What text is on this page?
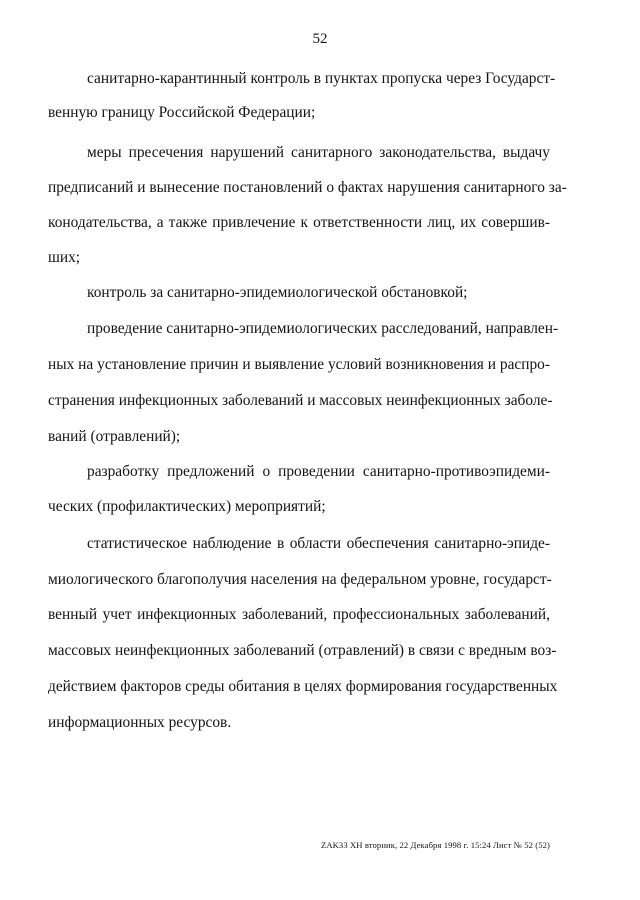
52
санитарно-карантинный контроль в пунктах пропуска через Государст-
венную границу Российской Федерации;
меры пресечения нарушений санитарного законодательства, выдачу
предписаний и вынесение постановлений о фактах нарушения санитарного за-
конодательства, а также привлечение к ответственности лиц, их совершив-
ших;
контроль за санитарно-эпидемиологической обстановкой;
проведение санитарно-эпидемиологических расследований, направлен-
ных на установление причин и выявление условий возникновения и распро-
странения инфекционных заболеваний и массовых неинфекционных заболе-
ваний (отравлений);
разработку предложений о проведении санитарно-противоэпидеми-
ческих (профилактических) мероприятий;
статистическое наблюдение в области обеспечения санитарно-эпиде-
миологического благополучия населения на федеральном уровне, государст-
венный учет инфекционных заболеваний, профессиональных заболеваний,
массовых неинфекционных заболеваний (отравлений) в связи с вредным воз-
действием факторов среды обитания в целях формирования государственных
информационных ресурсов.
ZAK33 XH вторник, 22 Декабря 1998 г. 15:24 Лист № 52 (52)
